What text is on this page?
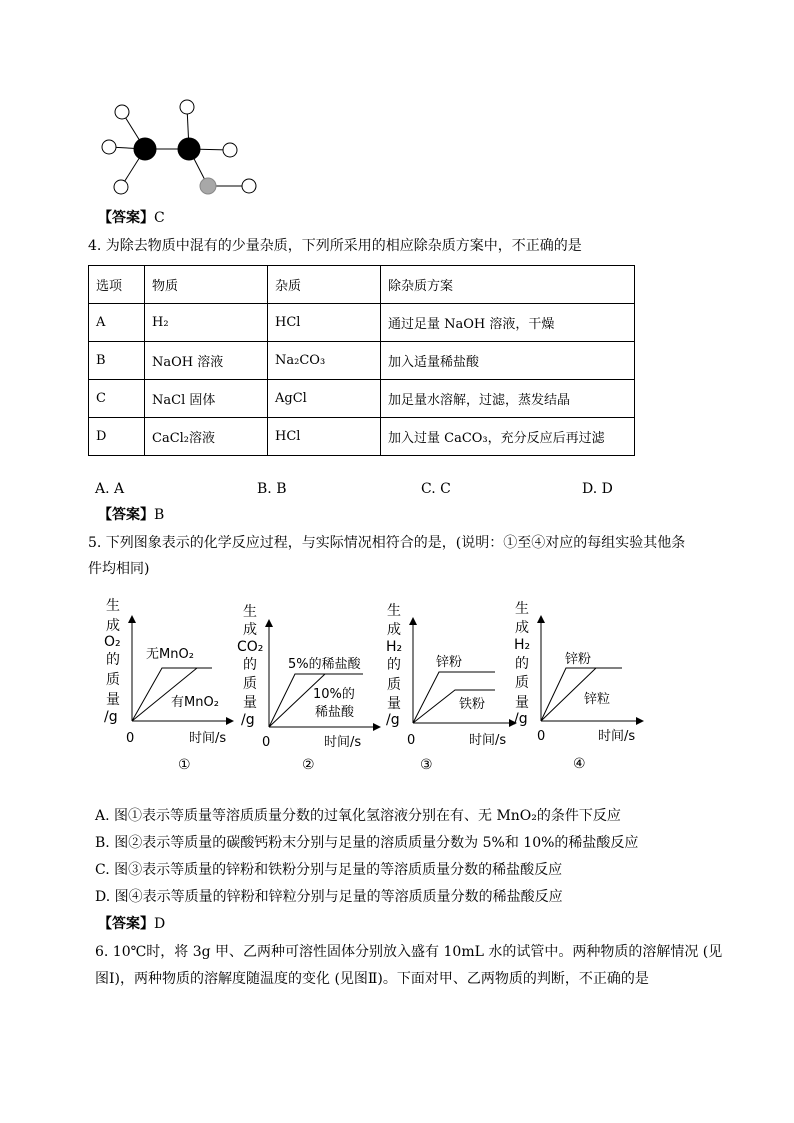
【答案】C
4. 为除去物质中混有的少量杂质，下列所采用的相应除杂质方案中，不正确的是
选项	物质	杂质	除杂质方案
A	H₂	HCl	通过足量 NaOH 溶液，干燥
B	NaOH 溶液	Na₂CO₃	加入适量稀盐酸
C	NaCl 固体	AgCl	加足量水溶解，过滤，蒸发结晶
D	CaCl₂溶液	HCl	加入过量 CaCO₃，充分反应后再过滤
A. A	B. B	C. C	D. D
【答案】B
5. 下列图象表示的化学反应过程，与实际情况相符合的是，(说明：①至④对应的每组实验其他条
件均相同)
生
成
O₂
的
质
量
/g
无MnO₂
有MnO₂
0	时间/s
①
生
成
CO₂
的
质
量
/g
5%的稀盐酸
10%的
稀盐酸
0	时间/s
②
生
成
H₂
的
质
量
/g
锌粉
铁粉
0	时间/s
③
生
成
H₂
的
质
量
/g
锌粉
锌粒
0	时间/s
④
A. 图①表示等质量等溶质质量分数的过氧化氢溶液分别在有、无 MnO₂的条件下反应
B. 图②表示等质量的碳酸钙粉末分别与足量的溶质质量分数为 5%和 10%的稀盐酸反应
C. 图③表示等质量的锌粉和铁粉分别与足量的等溶质质量分数的稀盐酸反应
D. 图④表示等质量的锌粉和锌粒分别与足量的等溶质质量分数的稀盐酸反应
【答案】D
6. 10℃时，将 3g 甲、乙两种可溶性固体分别放入盛有 10mL 水的试管中。两种物质的溶解情况 (见
图Ⅰ)，两种物质的溶解度随温度的变化 (见图Ⅱ)。下面对甲、乙两物质的判断，不正确的是
